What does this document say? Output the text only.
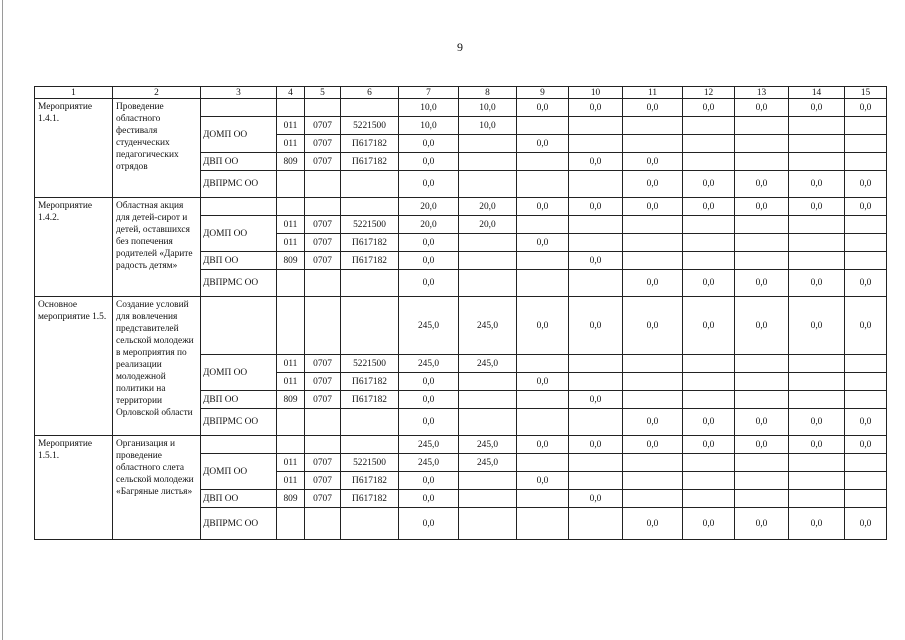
9
1	2	3	4	5	6	7	8	9	10	11	12	13	14	15
Мероприятие 1.4.1.	Проведение областного фестиваля студенческих педагогических отрядов					10,0	10,0	0,0	0,0	0,0	0,0	0,0	0,0	0,0
		ДОМП ОО	011	0707	5221500	10,0	10,0							
			011	0707	П617182	0,0		0,0						
		ДВП ОО	809	0707	П617182	0,0			0,0	0,0				
		ДВПРМС ОО				0,0				0,0	0,0	0,0	0,0	0,0
Мероприятие 1.4.2.	Областная акция для детей-сирот и детей, оставшихся без попечения родителей «Дарите радость детям»					20,0	20,0	0,0	0,0	0,0	0,0	0,0	0,0	0,0
		ДОМП ОО	011	0707	5221500	20,0	20,0							
			011	0707	П617182	0,0		0,0						
		ДВП ОО	809	0707	П617182	0,0			0,0					
		ДВПРМС ОО				0,0				0,0	0,0	0,0	0,0	0,0
Основное мероприятие 1.5.	Создание условий для вовлечения представителей сельской молодежи в мероприятия по реализации молодежной политики на территории Орловской области					245,0	245,0	0,0	0,0	0,0	0,0	0,0	0,0	0,0
		ДОМП ОО	011	0707	5221500	245,0	245,0							
			011	0707	П617182	0,0		0,0						
		ДВП ОО	809	0707	П617182	0,0			0,0					
		ДВПРМС ОО				0,0				0,0	0,0	0,0	0,0	0,0
Мероприятие 1.5.1.	Организация и проведение областного слета сельской молодежи «Багряные листья»					245,0	245,0	0,0	0,0	0,0	0,0	0,0	0,0	0,0
		ДОМП ОО	011	0707	5221500	245,0	245,0							
			011	0707	П617182	0,0		0,0						
		ДВП ОО	809	0707	П617182	0,0			0,0					
		ДВПРМС ОО				0,0				0,0	0,0	0,0	0,0	0,0
